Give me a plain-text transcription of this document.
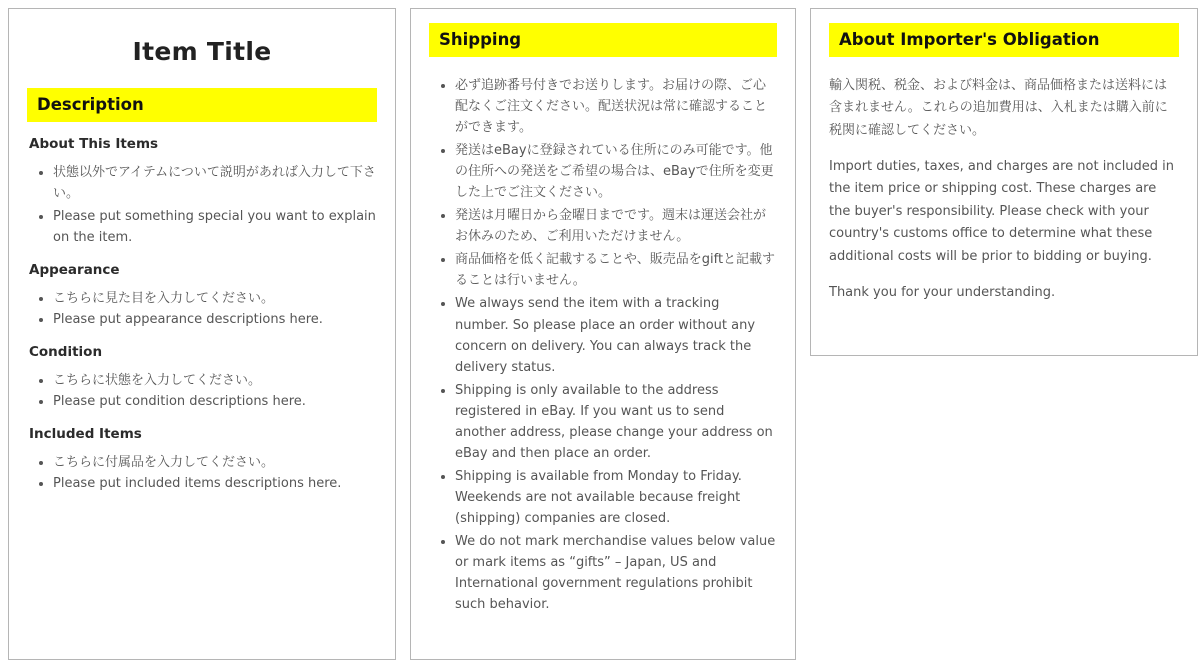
Item Title
Description
About This Items
• 状態以外でアイテムについて説明があれば入力して下さい。
• Please put something special you want to explain on the item.
Appearance
• こちらに見た目を入力してください。
• Please put appearance descriptions here.
Condition
• こちらに状態を入力してください。
• Please put condition descriptions here.
Included Items
• こちらに付属品を入力してください。
• Please put included items descriptions here.
Shipping
• 必ず追跡番号付きでお送りします。お届けの際、ご心配なくご注文ください。配送状況は常に確認することができます。
• 発送はeBayに登録されている住所にのみ可能です。他の住所への発送をご希望の場合は、eBayで住所を変更した上でご注文ください。
• 発送は月曜日から金曜日までです。週末は運送会社がお休みのため、ご利用いただけません。
• 商品価格を低く記載することや、販売品をgiftと記載することは行いません。
• We always send the item with a tracking number. So please place an order without any concern on delivery. You can always track the delivery status.
• Shipping is only available to the address registered in eBay. If you want us to send another address, please change your address on eBay and then place an order.
• Shipping is available from Monday to Friday. Weekends are not available because freight (shipping) companies are closed.
• We do not mark merchandise values below value or mark items as “gifts” – Japan, US and International government regulations prohibit such behavior.
About Importer's Obligation

輸入関税、税金、および料金は、商品価格または送料には含まれません。これらの追加費用は、入札または購入前に税関に確認してください。

Import duties, taxes, and charges are not included in the item price or shipping cost. These charges are the buyer's responsibility. Please check with your country's customs office to determine what these additional costs will be prior to bidding or buying.

Thank you for your understanding.
